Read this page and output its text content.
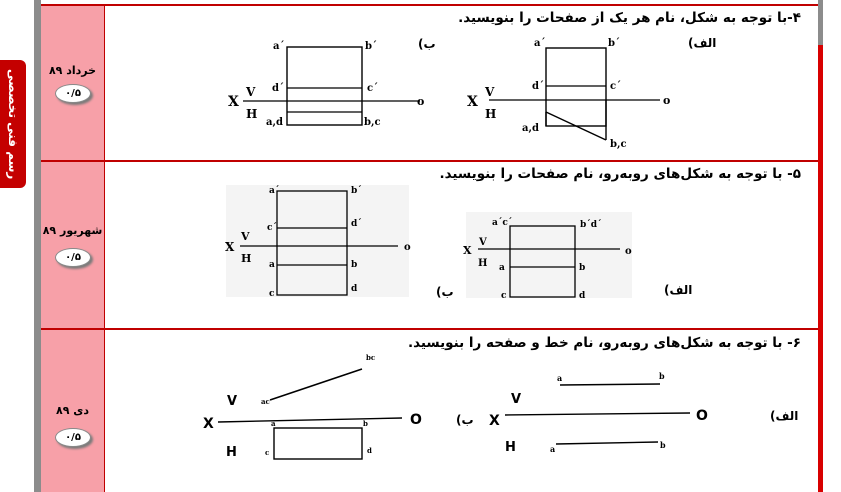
رسم فنی تخصصی	خرداد ۸۹
۰/۵
شهریور ۸۹
۰/۵
دی ۸۹
۰/۵
۴-با توجه به شکل، نام هر یک از صفحات را بنویسید.
۵- با توجه به شکل‌های روبه‌رو، نام صفحات را بنویسید.
۶- با توجه به شکل‌های روبه‌رو، نام خط و صفحه را بنویسید.
X
V
H
o
a´	b´
d´	c´
a,d
b,c
الف)
X
V
H
o
a´	b´
d´	c´
a,d	b,c
ب)
X
V
H
o
a´c´	b´d´
a	b
c	d	الف)
X
V
H
o
a´	b´
c´	d´
a	b
c	d	ب)
X
V
H
O
a	b
a	b
الف)
X
V
H
O
ac
bc
a	b
c	d
ب)
